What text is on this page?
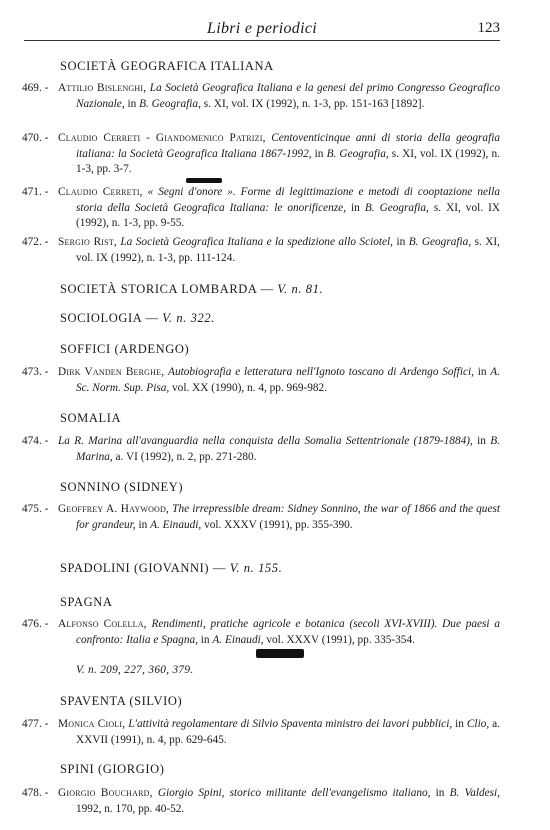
Libri e periodici	123
SOCIETÀ GEOGRAFICA ITALIANA
469. - Attilio Bislenghi, La Società Geografica Italiana e la genesi del primo Congresso Geografico Nazionale, in B. Geografia, s. XI, vol. IX (1992), n. 1-3, pp. 151-163 [1892].
470. - Claudio Cerreti - Giandomenico Patrizi, Centoventicinque anni di storia della geografia italiana: la Società Geografica Italiana 1867-1992, in B. Geografia, s. XI, vol. IX (1992), n. 1-3, pp. 3-7.
471. - Claudio Cerreti, « Segni d'onore ». Forme di legittimazione e metodi di cooptazione nella storia della Società Geografica Italiana: le onorificenze, in B. Geografia, s. XI, vol. IX (1992), n. 1-3, pp. 9-55.
472. - Sergio Rist, La Società Geografica Italiana e la spedizione allo Sciotel, in B. Geografia, s. XI, vol. IX (1992), n. 1-3, pp. 111-124.
SOCIETÀ STORICA LOMBARDA — V. n. 81.
SOCIOLOGIA — V. n. 322.
SOFFICI (ARDENGO)
473. - Dirk Vanden Berghe, Autobiografia e letteratura nell'Ignoto toscano di Ardengo Soffici, in A. Sc. Norm. Sup. Pisa, vol. XX (1990), n. 4, pp. 969-982.
SOMALIA
474. - La R. Marina all'avanguardia nella conquista della Somalia Settentrionale (1879-1884), in B. Marina, a. VI (1992), n. 2, pp. 271-280.
SONNINO (SIDNEY)
475. - Geoffrey A. Haywood, The irrepressible dream: Sidney Sonnino, the war of 1866 and the quest for grandeur, in A. Einaudi, vol. XXXV (1991), pp. 355-390.
SPADOLINI (GIOVANNI) — V. n. 155.
SPAGNA
476. - Alfonso Colella, Rendimenti, pratiche agricole e botanica (secoli XVI-XVIII). Due paesi a confronto: Italia e Spagna, in A. Einaudi, vol. XXXV (1991), pp. 335-354.
V. n. 209, 227, 360, 379.
SPAVENTA (SILVIO)
477. - Monica Cioli, L'attività regolamentare di Silvio Spaventa ministro dei lavori pubblici, in Clio, a. XXVII (1991), n. 4, pp. 629-645.
SPINI (GIORGIO)
478. - Giorgio Bouchard, Giorgio Spini, storico militante dell'evangelismo italiano, in B. Valdesi, 1992, n. 170, pp. 40-52.
